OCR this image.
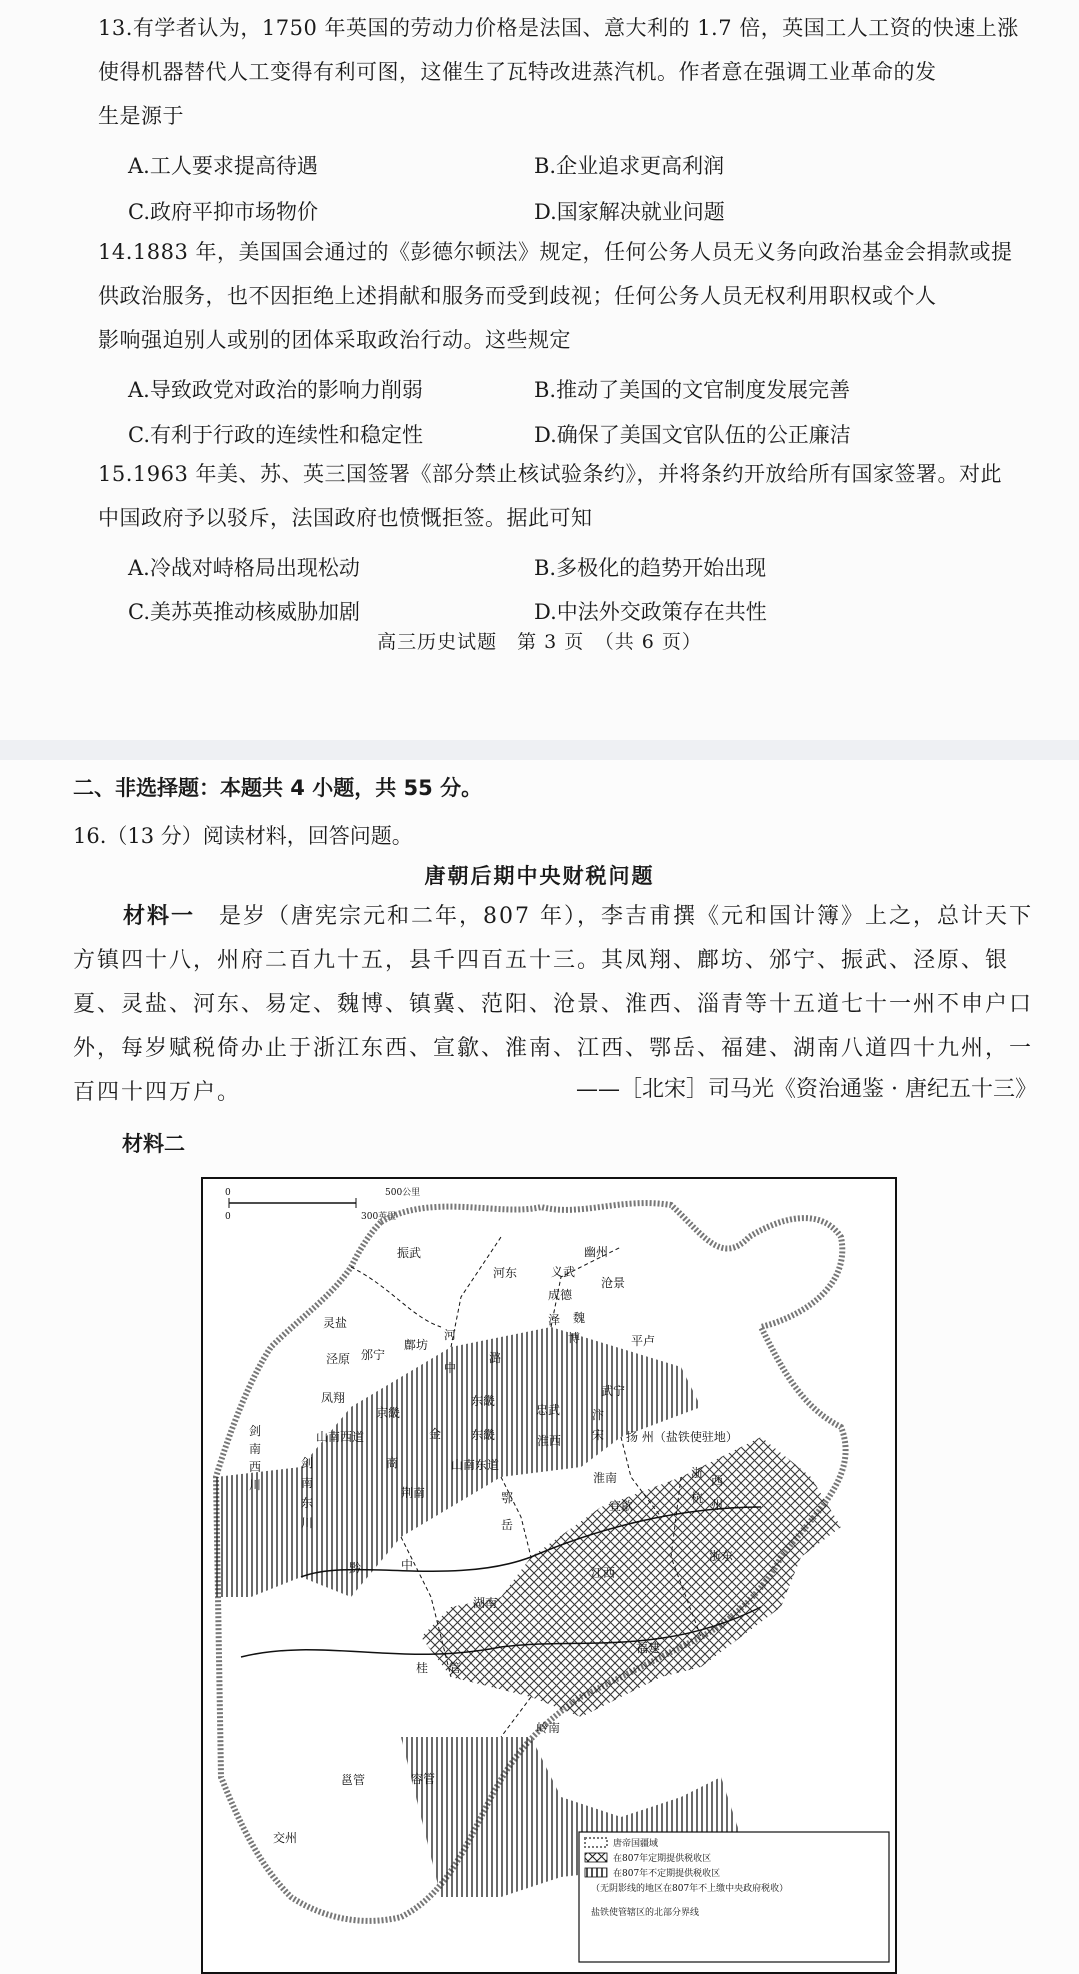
13.有学者认为，1750 年英国的劳动力价格是法国、意大利的 1.7 倍，英国工人工资的快速上涨
使得机器替代人工变得有利可图，这催生了瓦特改进蒸汽机。作者意在强调工业革命的发
生是源于
A.工人要求提高待遇	B.企业追求更高利润
C.政府平抑市场物价	D.国家解决就业问题
14.1883 年，美国国会通过的《彭德尔顿法》规定，任何公务人员无义务向政治基金会捐款或提
供政治服务，也不因拒绝上述捐献和服务而受到歧视；任何公务人员无权利用职权或个人
影响强迫别人或别的团体采取政治行动。这些规定
A.导致政党对政治的影响力削弱	B.推动了美国的文官制度发展完善
C.有利于行政的连续性和稳定性	D.确保了美国文官队伍的公正廉洁
15.1963 年美、苏、英三国签署《部分禁止核试验条约》，并将条约开放给所有国家签署。对此
中国政府予以驳斥，法国政府也愤慨拒签。据此可知
A.冷战对峙格局出现松动	B.多极化的趋势开始出现
C.美苏英推动核威胁加剧	D.中法外交政策存在共性
高三历史试题　第 3 页　（共 6 页）
二、非选择题：本题共 4 小题，共 55 分。
16.（13 分）阅读材料，回答问题。
唐朝后期中央财税问题
材料一　是岁（唐宪宗元和二年，807 年），李吉甫撰《元和国计簿》上之，总计天下方镇四十八，州府二百九十五，县千四百五十三。其凤翔、鄜坊、邠宁、振武、泾原、银夏、灵盐、河东、易定、魏博、镇冀、范阳、沧景、淮西、淄青等十五道七十一州不申户口外，每岁赋税倚办止于浙江东西、宣歙、淮南、江西、鄂岳、福建、湖南八道四十九州，一百四十四万户。	——［北宋］司马光《资治通鉴 · 唐纪五十三》
材料二
0
0
500公里
300英里
振武
河东
幽州
义武
沧景
成德
泽 魏
博	平卢
灵盐
泾原 邠宁
鄜坊
河
中
潞
凤翔
京畿
东畿
忠武
武宁
汴
宋
金
山南西道	东畿	淮西	扬 州（盐铁使驻地）
剑
南
西
川
剑
南
东
川
商	山南东道
荆南
淮南	浙
西
杭 州
鄂
岳
宣歙
黔	中
江西
浙东
湖南
福建
桂 管
岭南
邕管	容管
交州	唐帝国疆域
在807年定期提供税收区
在807年不定期提供税收区
（无阴影线的地区在807年不上缴中央政府税收）
盐铁使管辖区的北部分界线
